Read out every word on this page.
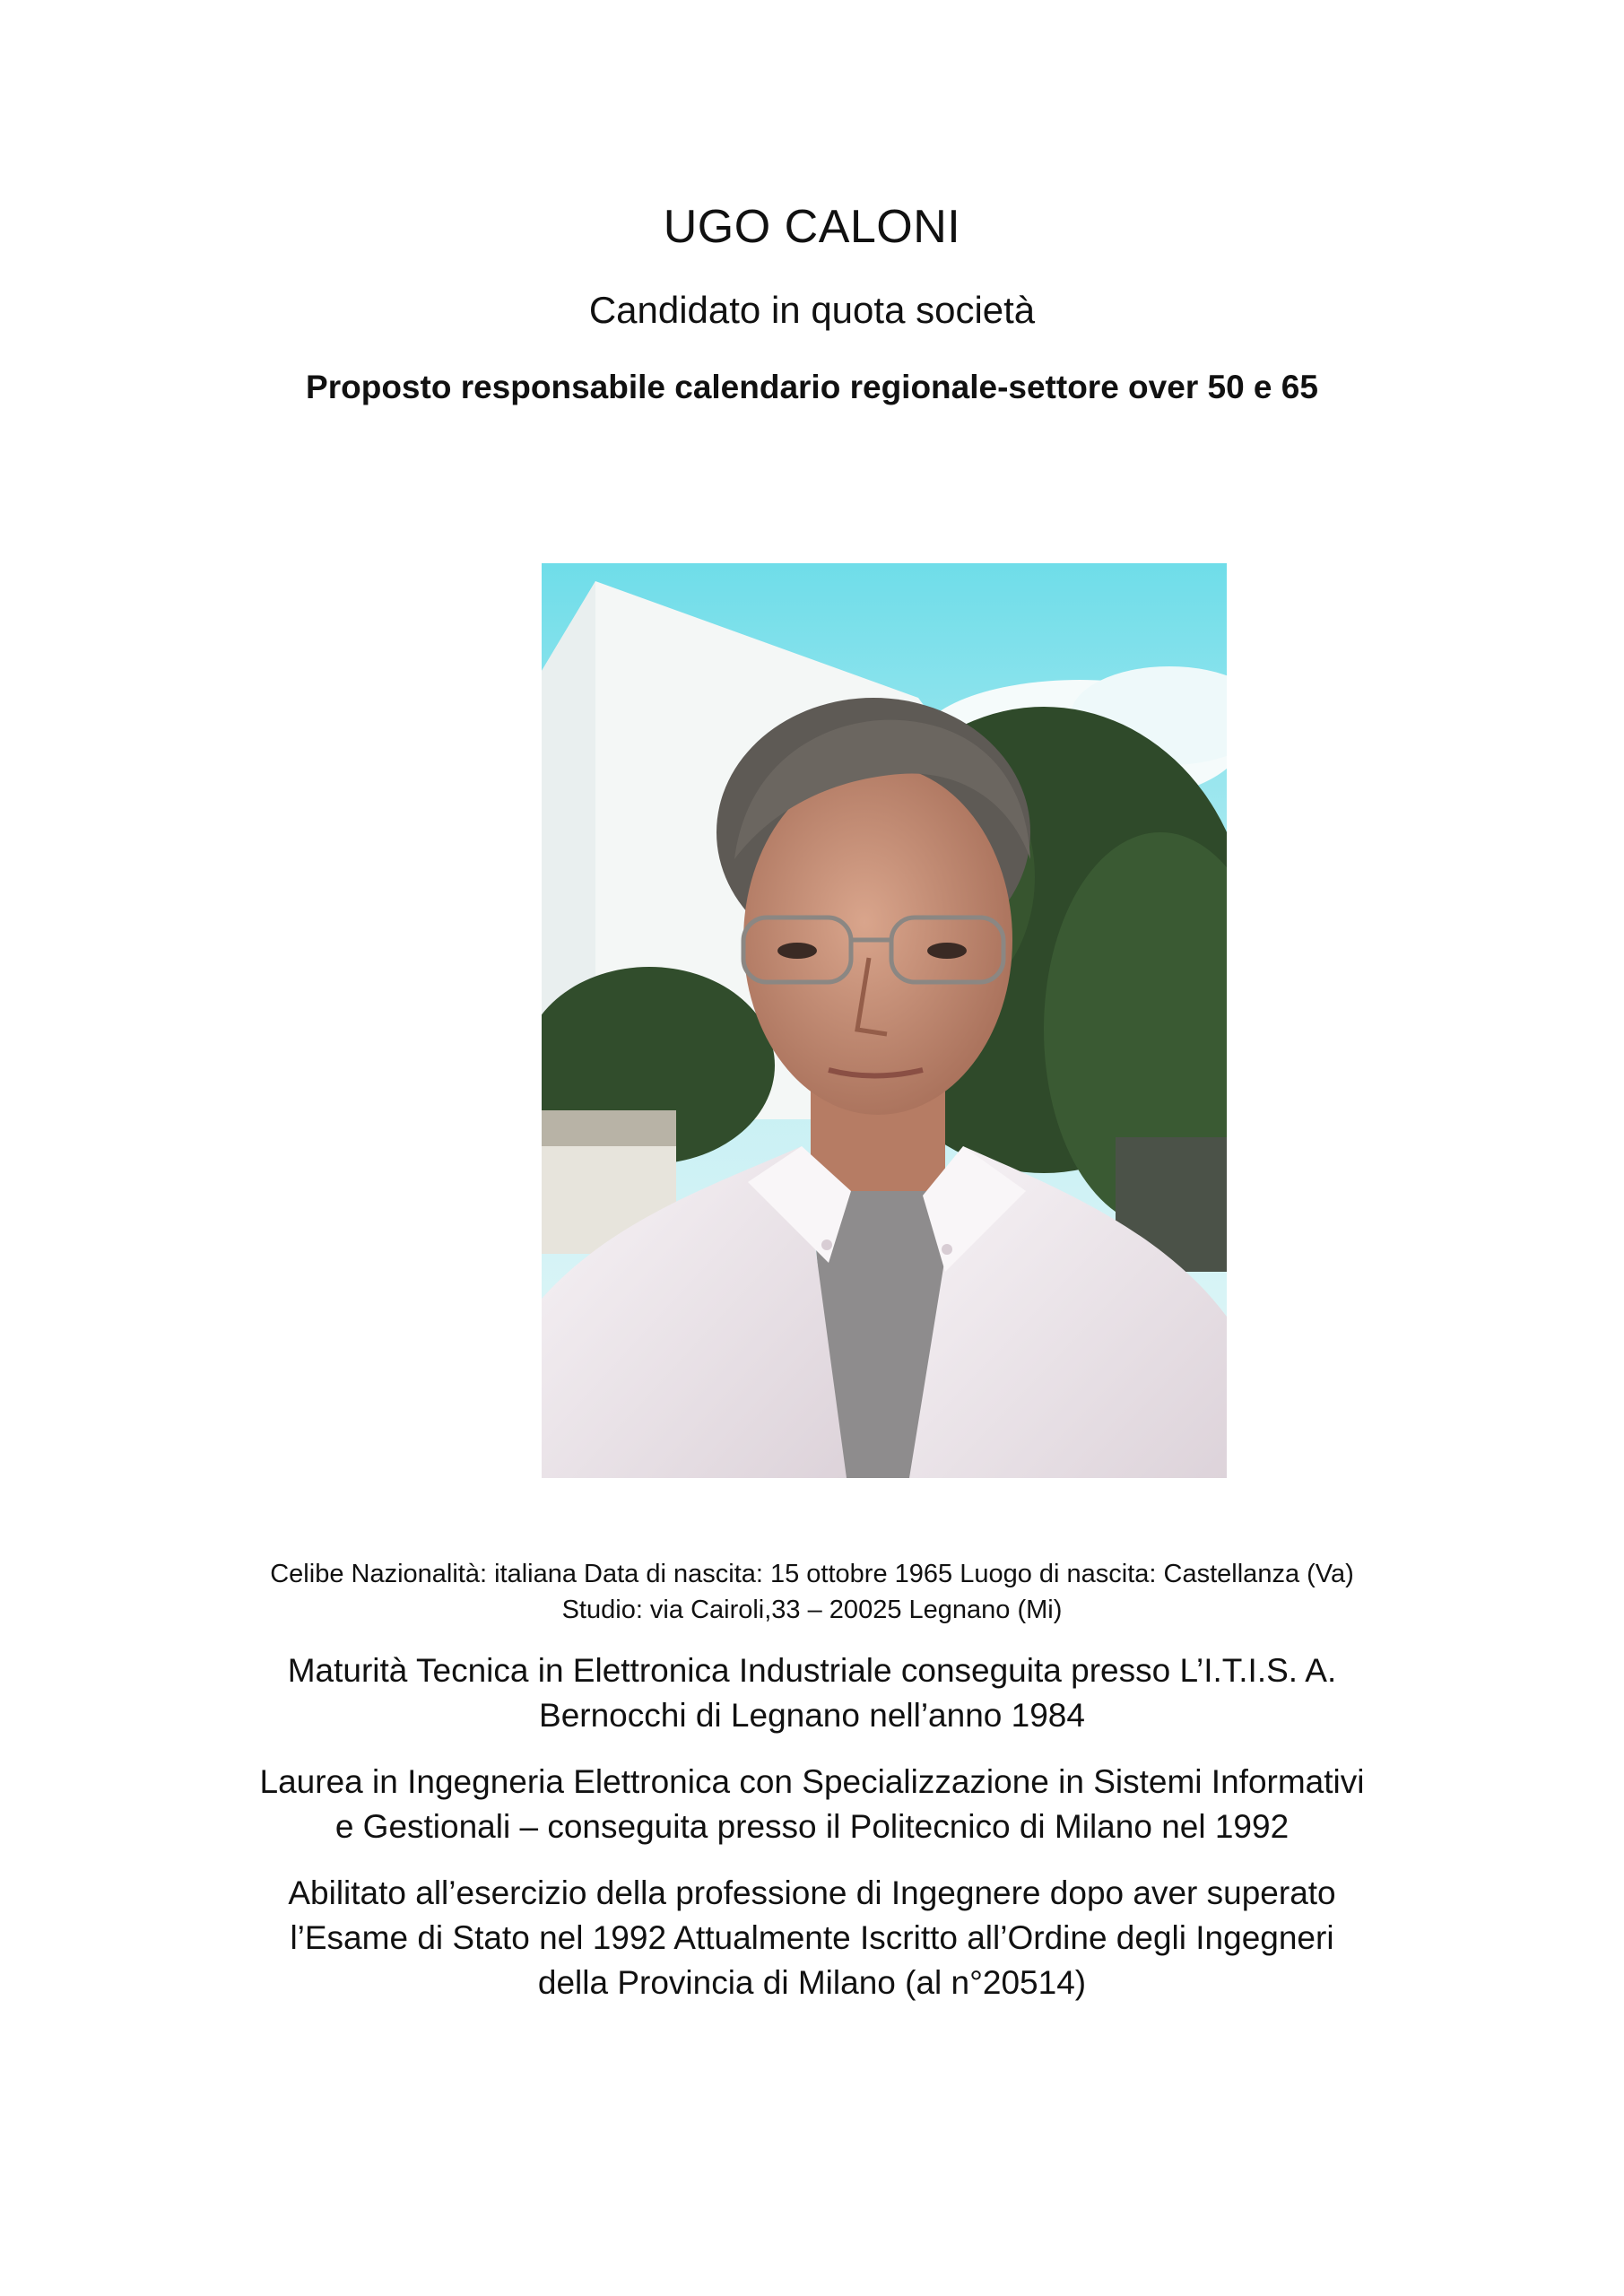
UGO CALONI
Candidato in quota società
Proposto responsabile calendario regionale-settore over 50 e 65
Celibe Nazionalità: italiana Data di nascita: 15 ottobre 1965 Luogo di nascita: Castellanza (Va)
Studio: via Cairoli,33 – 20025 Legnano (Mi)
Maturità Tecnica in Elettronica Industriale conseguita presso L’I.T.I.S. A.
Bernocchi di Legnano nell’anno 1984
Laurea in Ingegneria Elettronica con Specializzazione in Sistemi Informativi
e Gestionali – conseguita presso il Politecnico di Milano nel 1992
Abilitato all’esercizio della professione di Ingegnere dopo aver superato
l’Esame di Stato nel 1992 Attualmente Iscritto all’Ordine degli Ingegneri
della Provincia di Milano (al n°20514)
